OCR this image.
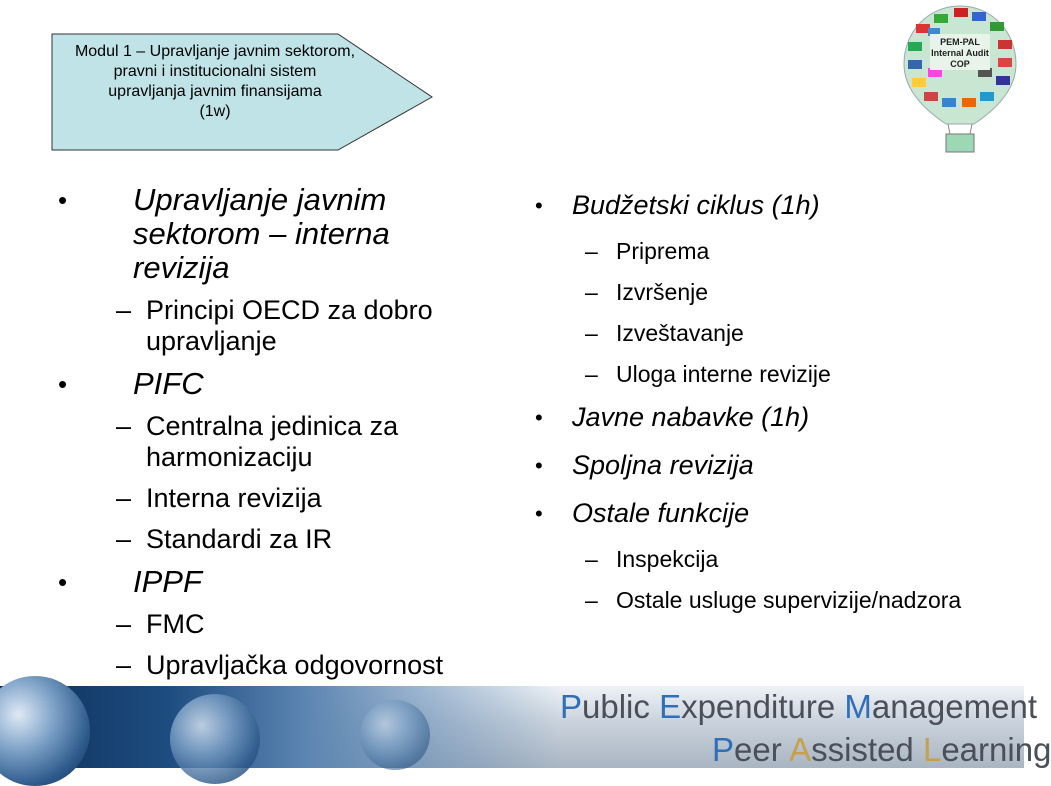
Modul 1 – Upravljanje javnim sektorom,
pravni i institucionalni sistem
upravljanja javnim finansijama
(1w)
PEM-PAL
Internal Audit
COP
• Upravljanje javnim sektorom – interna revizija
– Principi OECD za dobro upravljanje
• PIFC
– Centralna jedinica za harmonizaciju
– Interna revizija
– Standardi za IR
• IPPF
– FMC
– Upravljačka odgovornost
• Budžetski ciklus (1h)
– Priprema
– Izvršenje
– Izveštavanje
– Uloga interne revizije
• Javne nabavke (1h)
• Spoljna revizija
• Ostale funkcije
– Inspekcija
– Ostale usluge supervizije/nadzora
Public Expenditure Management
Peer Assisted Learning
